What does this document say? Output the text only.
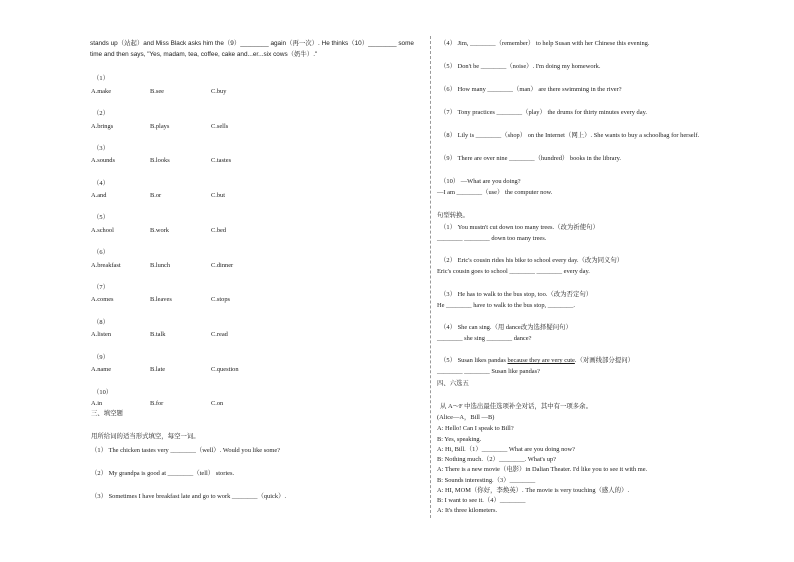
stands up（站起）and Miss Black asks him the（9）________ again（再一次）. He thinks（10）________ some
time and then says, "Yes, madam, tea, coffee, cake and...er...six cows（奶牛）."
（1）
A.make	B.see	C.buy
（2）
A.brings	B.plays	C.sells
（3）
A.sounds	B.looks	C.tastes
（4）
A.and	B.or	C.but
（5）
A.school	B.work	C.bed
（6）
A.breakfast	B.lunch	C.dinner
（7）
A.comes	B.leaves	C.stops
（8）
A.listen	B.talk	C.read
（9）
A.name	B.late	C.question
（10）
A.in	B.for	C.on
三、填空题
用所给词的适当形式填空，每空一词。
（1） The chicken tastes very ________（well）. Would you like some?
（2） My grandpa is good at ________（tell） stories.
（3） Sometimes I have breakfast late and go to work ________（quick）.
（4） Jim, ________（remember） to help Susan with her Chinese this evening.
（5） Don't be ________（noise）. I'm doing my homework.
（6） How many ________（man） are there swimming in the river?
（7） Tony practices ________（play） the drums for thirty minutes every day.
（8） Lily is ________（shop） on the Internet（网上）. She wants to buy a schoolbag for herself.
（9） There are over nine ________（hundred） books in the library.
（10） —What are you doing?
—I am ________（use） the computer now.
句型转换。
（1） You mustn't cut down too many trees.（改为祈使句）
________ ________ down too many trees.
（2） Eric's cousin rides his bike to school every day.（改为同义句）
Eric's cousin goes to school ________ ________ every day.
（3） He has to walk to the bus stop, too.（改为否定句）
He ________ have to walk to the bus stop, ________.
（4） She can sing.（用 dance改为选择疑问句）
________ she sing ________ dance?
（5） Susan likes pandas because they are very cute.（对画线部分提问）
________ ________ Susan like pandas?
四、六选五
从 A～F 中选出最佳选项补全对话，其中有一项多余。
(Alice—A，Bill —B)
A: Hello! Can I speak to Bill?
B: Yes, speaking.
A: Hi, Bill.（1）________ What are you doing now?
B: Nothing much.（2）________. What's up?
A: There is a new movie（电影）in Dalian Theater. I'd like you to see it with me.
B: Sounds interesting.（3）________
A: HI, MOM（你好，李焕英）. The movie is very touching（感人的）.
B: I want to see it.（4）________
A: It's three kilometers.
